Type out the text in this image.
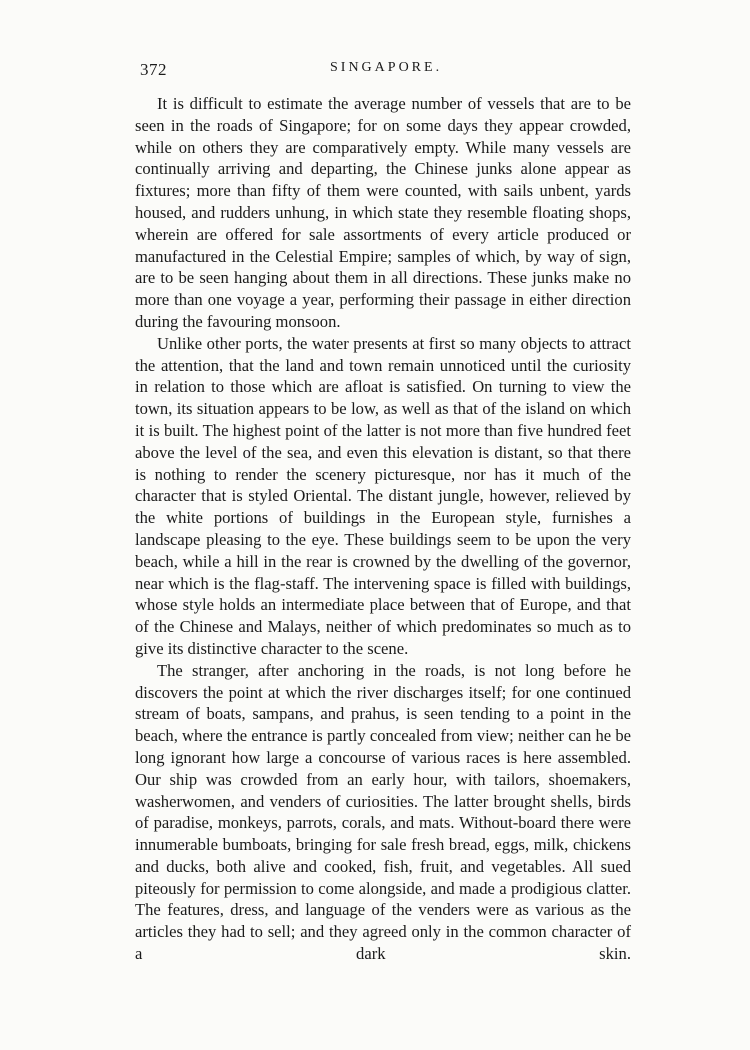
372	SINGAPORE.

It is difficult to estimate the average number of vessels that are to be seen in the roads of Singapore; for on some days they appear crowded, while on others they are comparatively empty. While many vessels are continually arriving and departing, the Chinese junks alone appear as fixtures; more than fifty of them were counted, with sails unbent, yards housed, and rudders unhung, in which state they resemble floating shops, wherein are offered for sale assortments of every article produced or manufactured in the Celestial Empire; samples of which, by way of sign, are to be seen hanging about them in all directions. These junks make no more than one voyage a year, performing their passage in either direction during the favouring monsoon.

Unlike other ports, the water presents at first so many objects to attract the attention, that the land and town remain unnoticed until the curiosity in relation to those which are afloat is satisfied. On turning to view the town, its situation appears to be low, as well as that of the island on which it is built. The highest point of the latter is not more than five hundred feet above the level of the sea, and even this elevation is distant, so that there is nothing to render the scenery picturesque, nor has it much of the character that is styled Oriental. The distant jungle, however, relieved by the white portions of buildings in the European style, furnishes a landscape pleasing to the eye. These buildings seem to be upon the very beach, while a hill in the rear is crowned by the dwelling of the governor, near which is the flag-staff. The intervening space is filled with buildings, whose style holds an intermediate place between that of Europe, and that of the Chinese and Malays, neither of which predominates so much as to give its distinctive character to the scene.

The stranger, after anchoring in the roads, is not long before he discovers the point at which the river discharges itself; for one continued stream of boats, sampans, and prahus, is seen tending to a point in the beach, where the entrance is partly concealed from view; neither can he be long ignorant how large a concourse of various races is here assembled. Our ship was crowded from an early hour, with tailors, shoemakers, washerwomen, and venders of curiosities. The latter brought shells, birds of paradise, monkeys, parrots, corals, and mats. Without-board there were innumerable bumboats, bringing for sale fresh bread, eggs, milk, chickens and ducks, both alive and cooked, fish, fruit, and vegetables. All sued piteously for permission to come alongside, and made a prodigious clatter. The features, dress, and language of the venders were as various as the articles they had to sell; and they agreed only in the common character of a dark skin.
